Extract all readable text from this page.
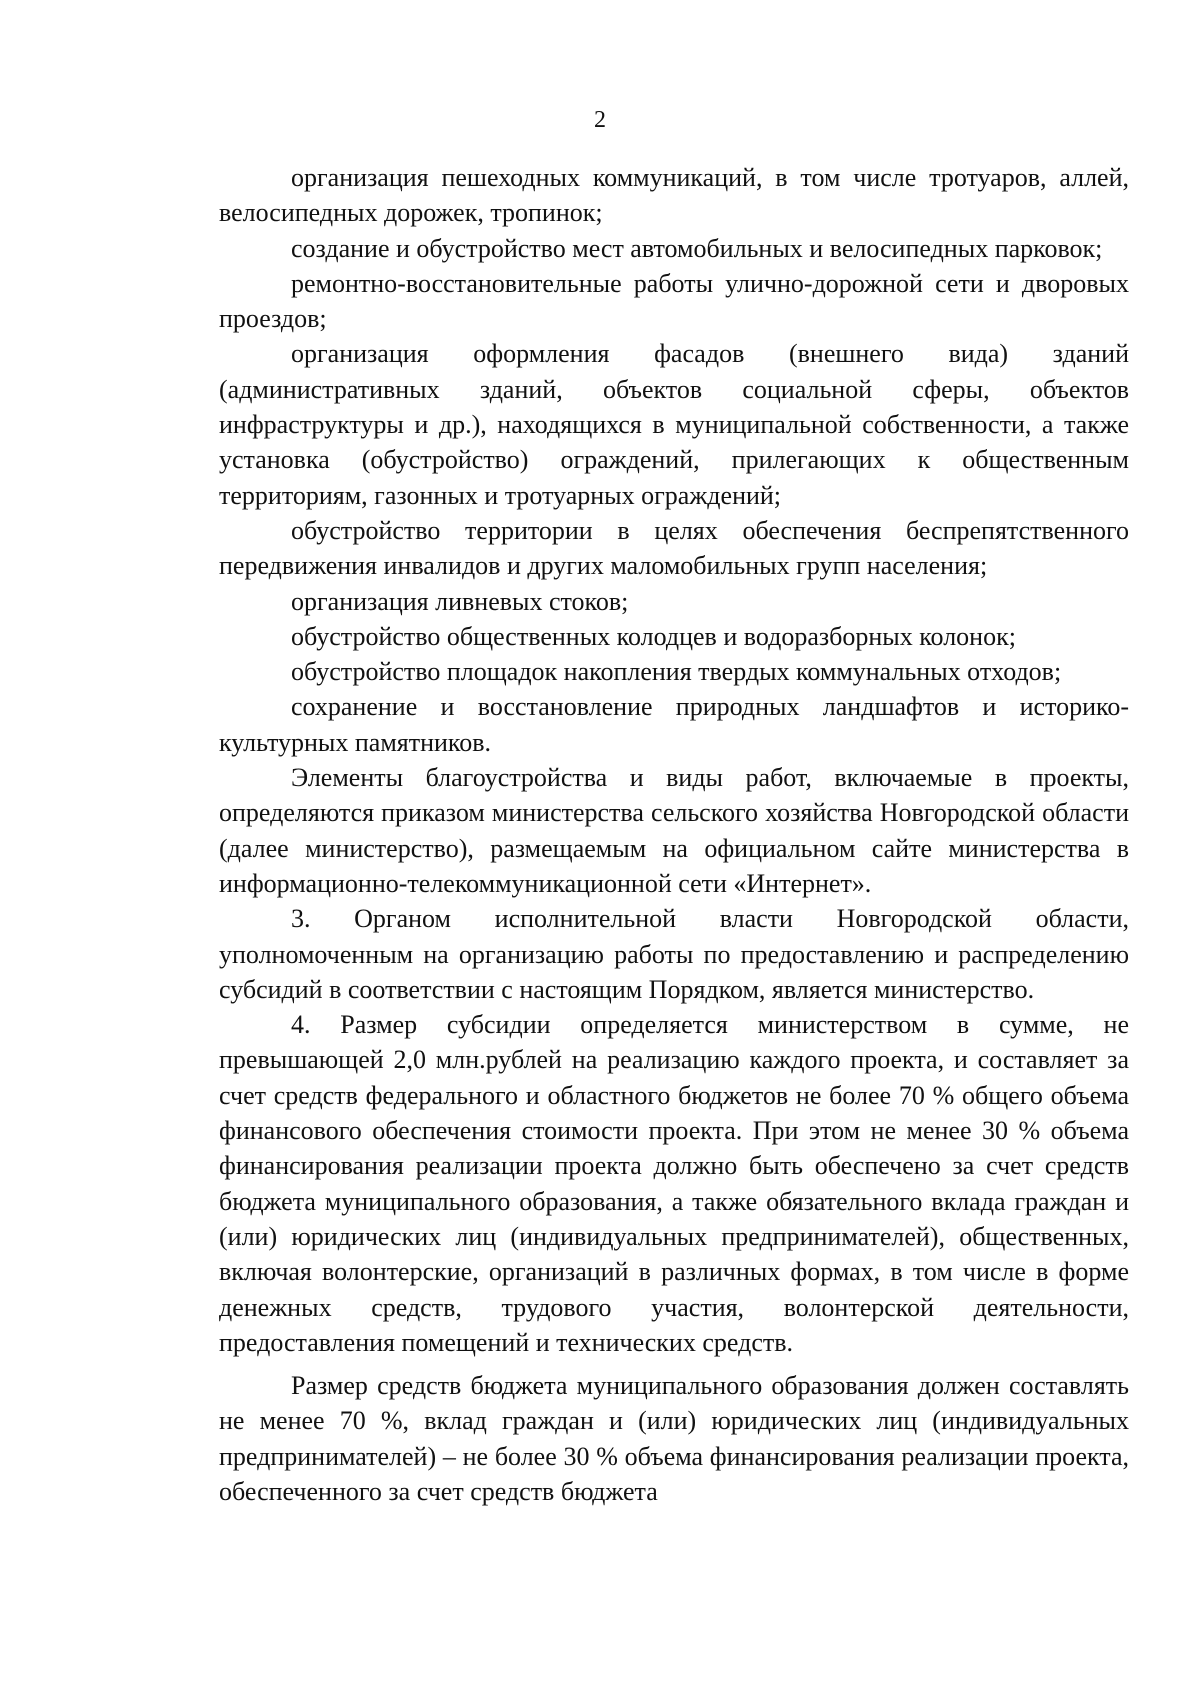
2

организация пешеходных коммуникаций, в том числе тротуаров, аллей, велосипедных дорожек, тропинок;

создание и обустройство мест автомобильных и велосипедных парковок;

ремонтно-восстановительные работы улично-дорожной сети и дворовых проездов;

организация оформления фасадов (внешнего вида) зданий (административных зданий, объектов социальной сферы, объектов инфраструктуры и др.), находящихся в муниципальной собственности, а также установка (обустройство) ограждений, прилегающих к общественным территориям, газонных и тротуарных ограждений;

обустройство территории в целях обеспечения беспрепятственного передвижения инвалидов и других маломобильных групп населения;

организация ливневых стоков;

обустройство общественных колодцев и водоразборных колонок;

обустройство площадок накопления твердых коммунальных отходов;

сохранение и восстановление природных ландшафтов и историко-культурных памятников.

Элементы благоустройства и виды работ, включаемые в проекты, определяются приказом министерства сельского хозяйства Новгородской области (далее министерство), размещаемым на официальном сайте министерства в информационно-телекоммуникационной сети «Интернет».

3. Органом исполнительной власти Новгородской области, уполномоченным на организацию работы по предоставлению и распределению субсидий в соответствии с настоящим Порядком, является министерство.

4. Размер субсидии определяется министерством в сумме, не превышающей 2,0 млн.рублей на реализацию каждого проекта, и составляет за счет средств федерального и областного бюджетов не более 70 % общего объема финансового обеспечения стоимости проекта. При этом не менее 30 % объема финансирования реализации проекта должно быть обеспечено за счет средств бюджета муниципального образования, а также обязательного вклада граждан и (или) юридических лиц (индивидуальных предпринимателей), общественных, включая волонтерские, организаций в различных формах, в том числе в форме денежных средств, трудового участия, волонтерской деятельности, предоставления помещений и технических средств.

Размер средств бюджета муниципального образования должен составлять не менее 70 %, вклад граждан и (или) юридических лиц (индивидуальных предпринимателей) – не более 30 % объема финансирования реализации проекта, обеспеченного за счет средств бюджета
